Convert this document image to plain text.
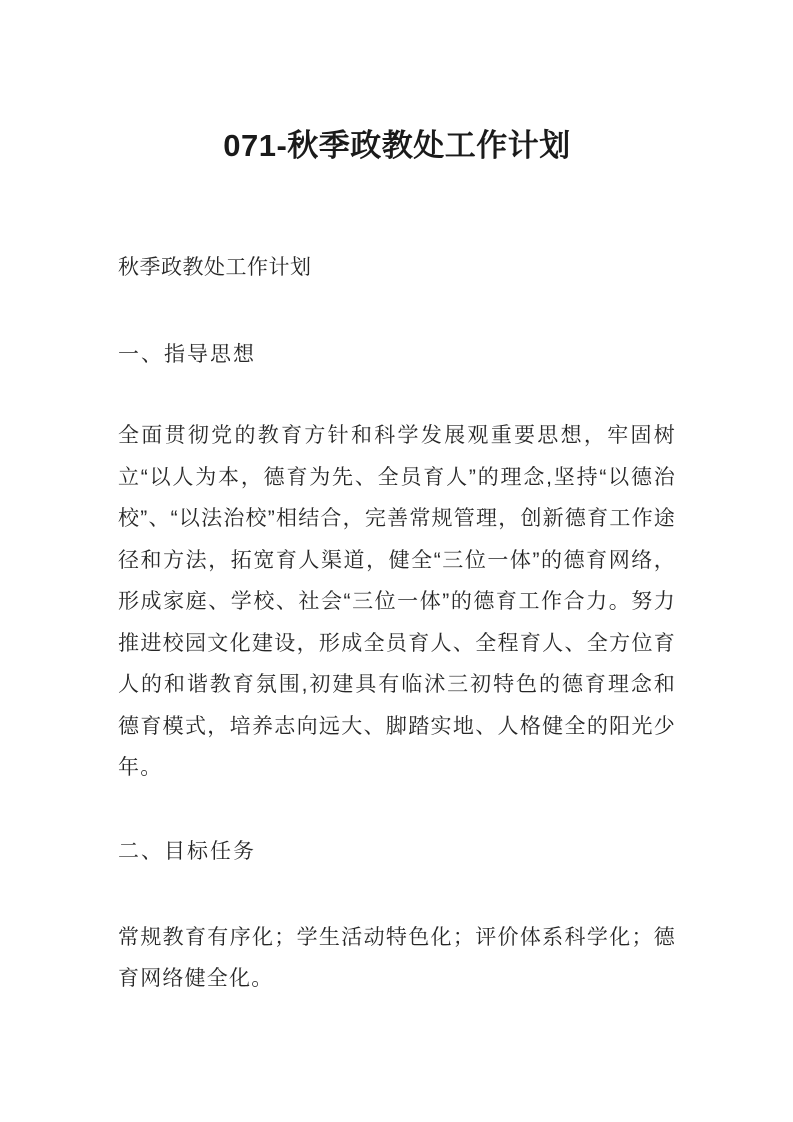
071-秋季政教处工作计划

秋季政教处工作计划

一、指导思想

全面贯彻党的教育方针和科学发展观重要思想，牢固树立“以人为本，德育为先、全员育人”的理念,坚持“以德治校”、“以法治校”相结合，完善常规管理，创新德育工作途径和方法，拓宽育人渠道，健全“三位一体”的德育网络，形成家庭、学校、社会“三位一体”的德育工作合力。努力推进校园文化建设，形成全员育人、全程育人、全方位育人的和谐教育氛围,初建具有临沭三初特色的德育理念和德育模式，培养志向远大、脚踏实地、人格健全的阳光少年。

二、目标任务

常规教育有序化；学生活动特色化；评价体系科学化；德育网络健全化。
